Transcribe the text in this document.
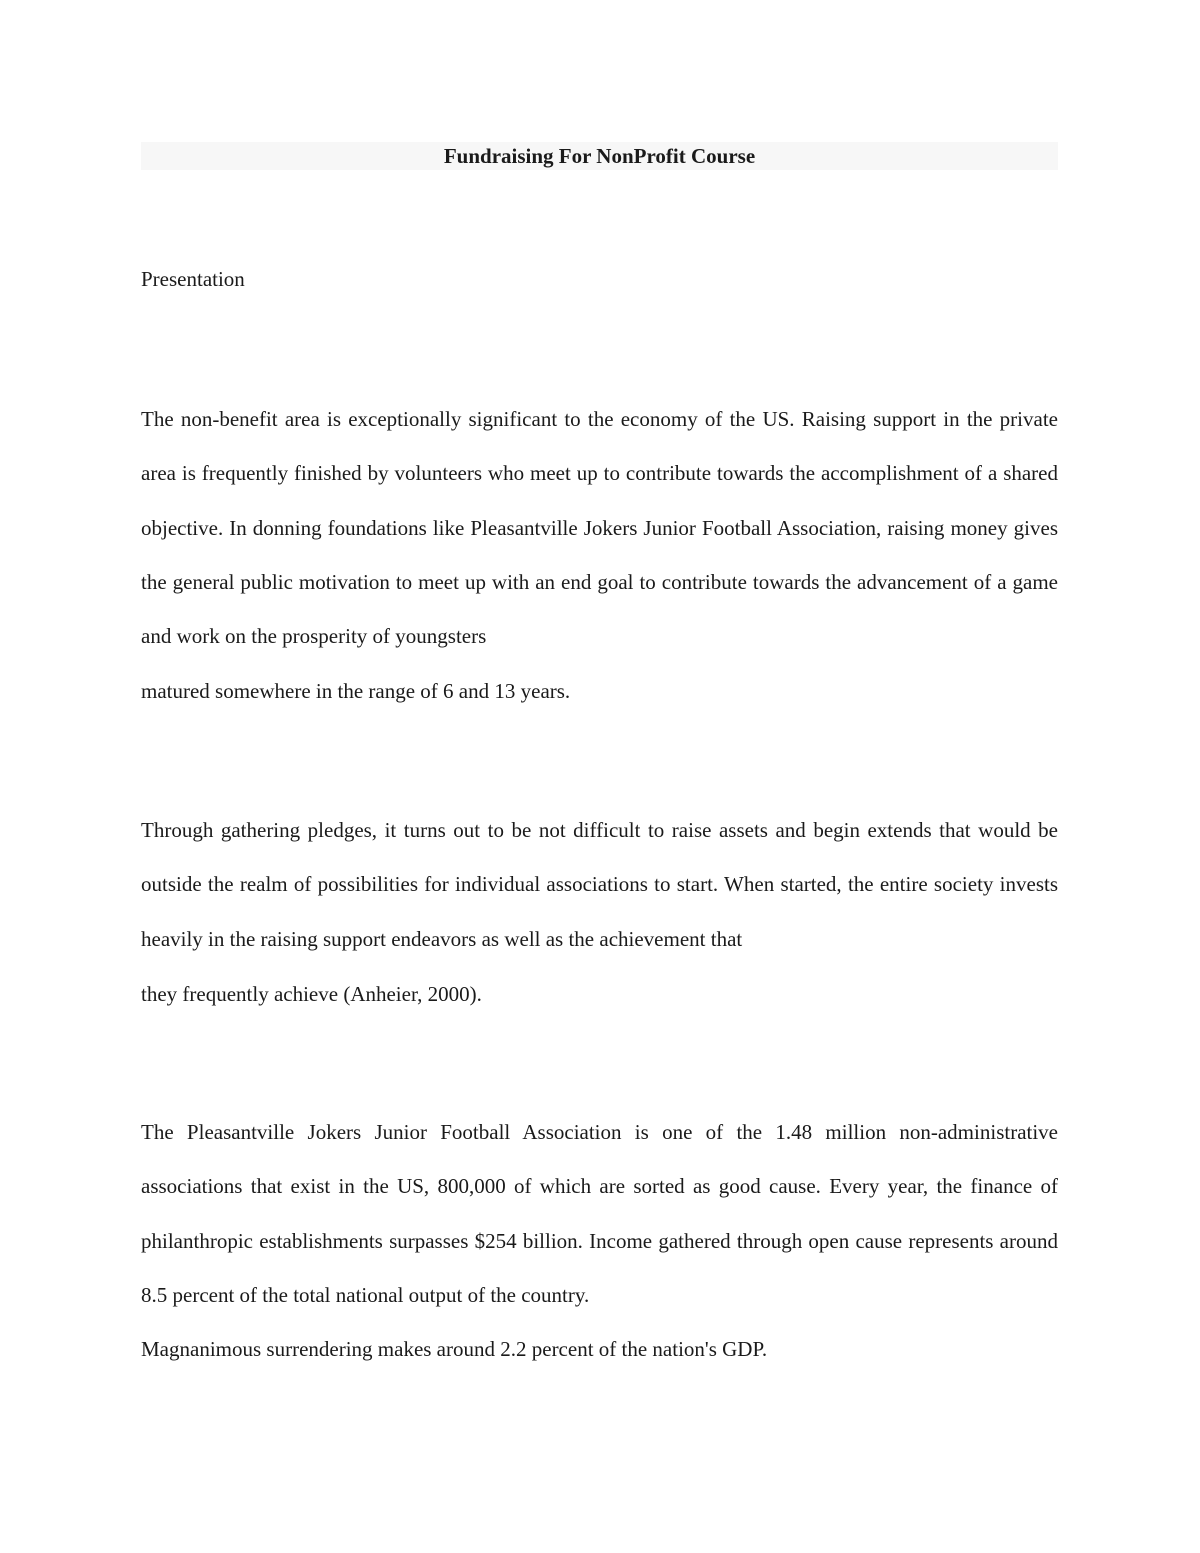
Fundraising For NonProfit Course

Presentation

The non-benefit area is exceptionally significant to the economy of the US. Raising support in the private area is frequently finished by volunteers who meet up to contribute towards the accomplishment of a shared objective. In donning foundations like Pleasantville Jokers Junior Football Association, raising money gives the general public motivation to meet up with an end goal to contribute towards the advancement of a game and work on the prosperity of youngsters

matured somewhere in the range of 6 and 13 years.

Through gathering pledges, it turns out to be not difficult to raise assets and begin extends that would be outside the realm of possibilities for individual associations to start. When started, the entire society invests heavily in the raising support endeavors as well as the achievement that

they frequently achieve (Anheier, 2000).

The Pleasantville Jokers Junior Football Association is one of the 1.48 million non-administrative associations that exist in the US, 800,000 of which are sorted as good cause. Every year, the finance of philanthropic establishments surpasses $254 billion. Income gathered through open cause represents around 8.5 percent of the total national output of the country.

Magnanimous surrendering makes around 2.2 percent of the nation's GDP.
